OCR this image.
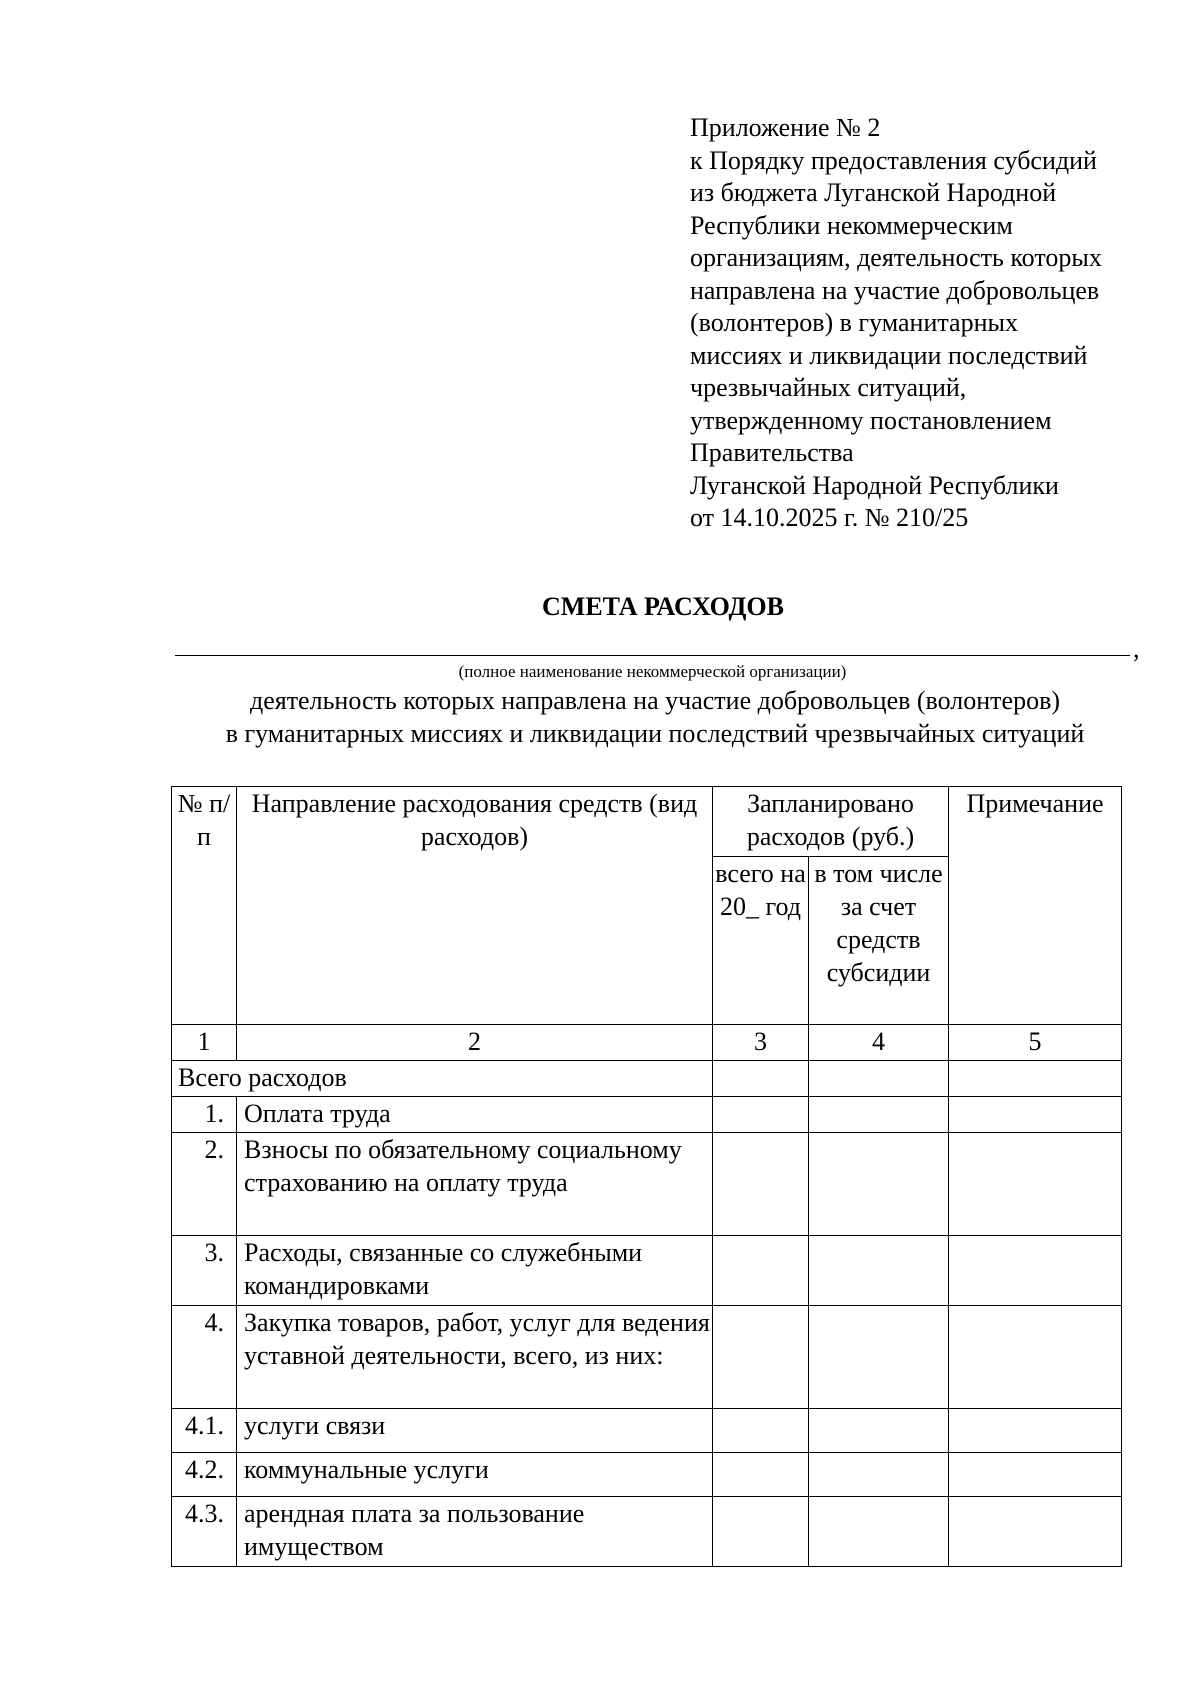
Приложение № 2
к Порядку предоставления субсидий
из бюджета Луганской Народной
Республики некоммерческим
организациям, деятельность которых
направлена на участие добровольцев
(волонтеров) в гуманитарных
миссиях и ликвидации последствий
чрезвычайных ситуаций,
утвержденному постановлением
Правительства
Луганской Народной Республики
от 14.10.2025 г. № 210/25
СМЕТА РАСХОДОВ
,
(полное наименование некоммерческой организации)
деятельность которых направлена на участие добровольцев (волонтеров)
в гуманитарных миссиях и ликвидации последствий чрезвычайных ситуаций
№ п/п	Направление расходования средств (вид расходов)	Запланировано расходов (руб.)		Примечание
		всего на 20_ год	в том числе за счет средств субсидии	
1	2	3	4	5
Всего расходов				
1.	Оплата труда			
2.	Взносы по обязательному социальному страхованию на оплату труда			
3.	Расходы, связанные со служебными командировками			
4.	Закупка товаров, работ, услуг для ведения уставной деятельности, всего, из них:			
4.1.	услуги связи			
4.2.	коммунальные услуги			
4.3.	арендная плата за пользование имуществом			
